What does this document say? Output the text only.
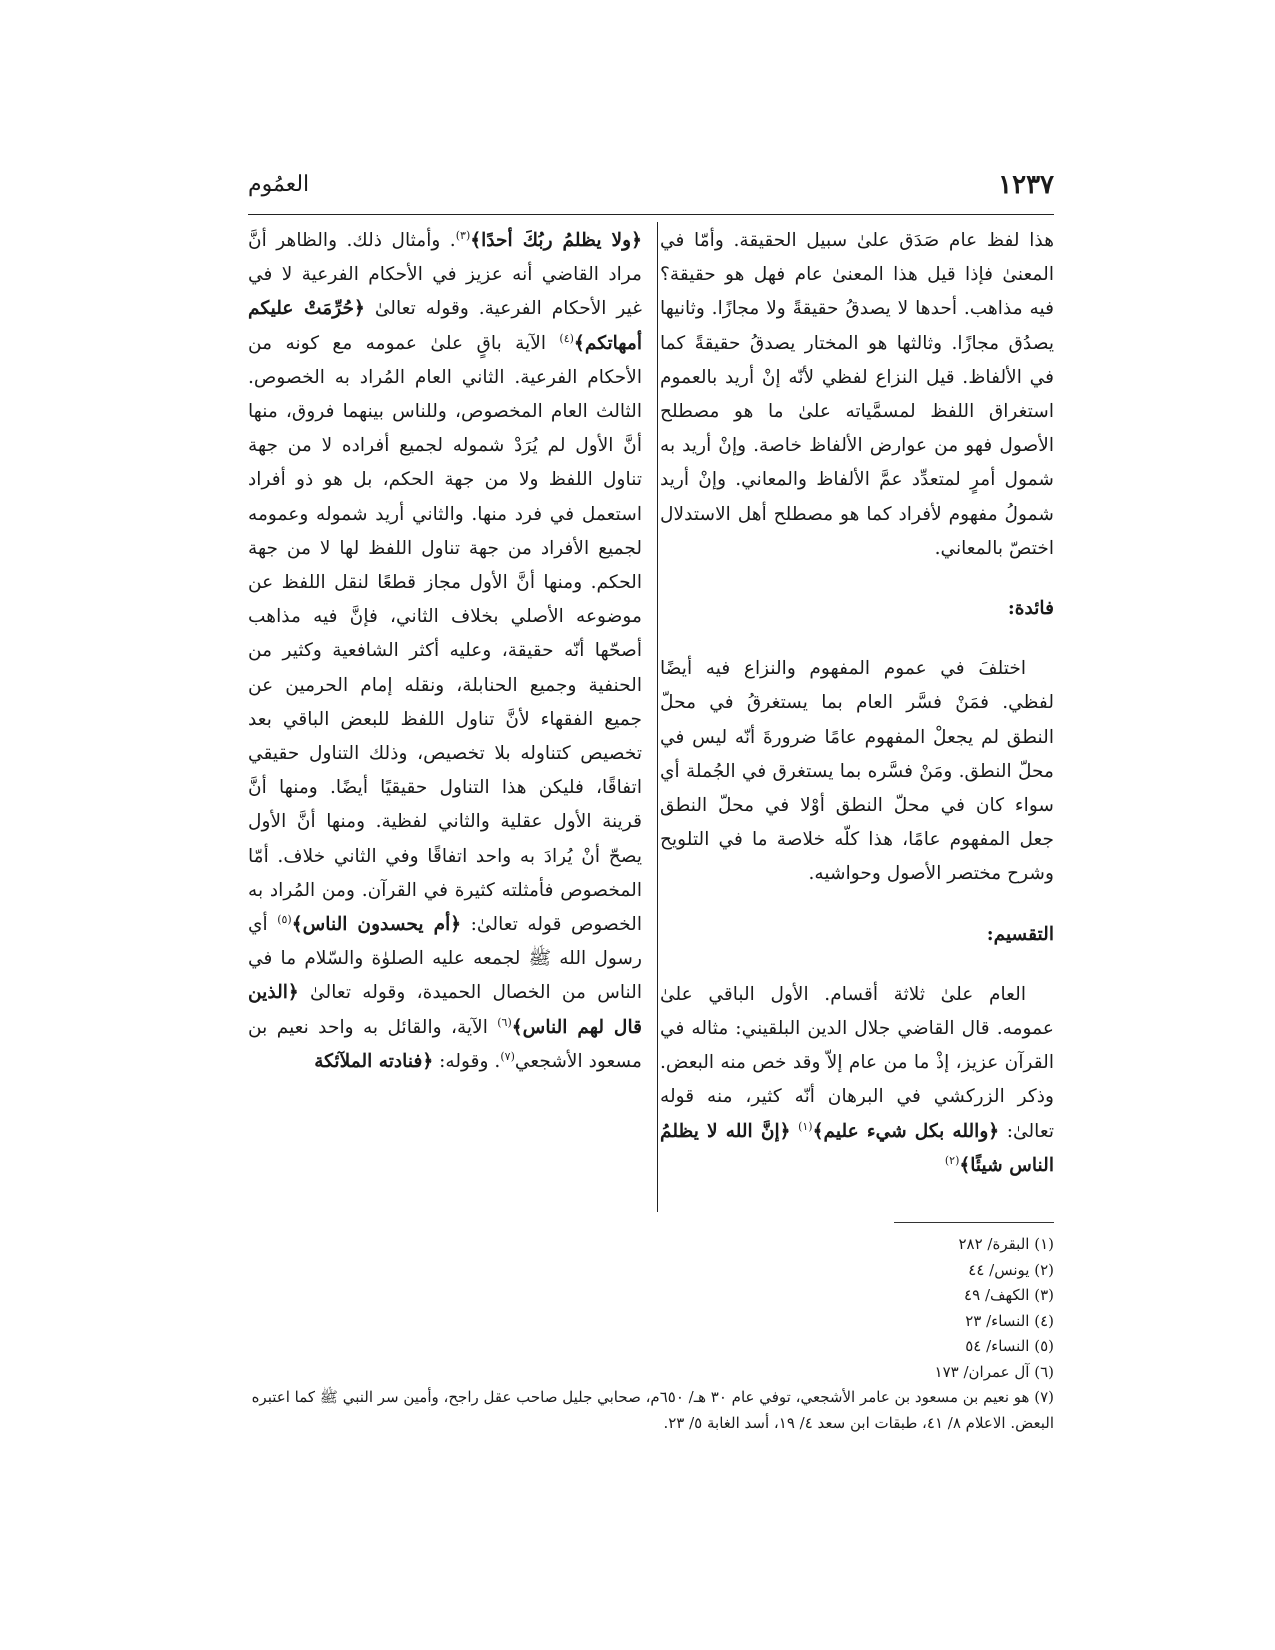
١٢٣٧
العمُوم

هذا لفظ عام صَدَق علىٰ سبيل الحقيقة. وأمّا في المعنىٰ فإذا قيل هذا المعنىٰ عام فهل هو حقيقة؟ فيه مذاهب. أحدها لا يصدقُ حقيقةً ولا مجازًا. وثانيها يصدُق مجازًا. وثالثها هو المختار يصدقُ حقيقةً كما في الألفاظ. قيل النزاع لفظي لأنّه إنْ أريد بالعموم استغراق اللفظ لمسمَّياته علىٰ ما هو مصطلح الأصول فهو من عوارض الألفاظ خاصة. وإنْ أريد به شمول أمرٍ لمتعدِّد عمَّ الألفاظ والمعاني. وإنْ أريد شمولُ مفهوم لأفراد كما هو مصطلح أهل الاستدلال اختصّ بالمعاني.

فائدة:

اختلفَ في عموم المفهوم والنزاع فيه أيضًا لفظي. فمَنْ فسَّر العام بما يستغرقُ في محلّ النطق لم يجعلْ المفهوم عامًا ضرورةَ أنّه ليس في محلّ النطق. ومَنْ فسَّره بما يستغرق في الجُملة أي سواء كان في محلّ النطق أوْلا في محلّ النطق جعل المفهوم عامًا، هذا كلّه خلاصة ما في التلويح وشرح مختصر الأصول وحواشيه.

التقسيم:

العام علىٰ ثلاثة أقسام. الأول الباقي علىٰ عمومه. قال القاضي جلال الدين البلقيني: مثاله في القرآن عزيز، إذْ ما من عام إلاّ وقد خص منه البعض. وذكر الزركشي في البرهان أنّه كثير، منه قوله تعالىٰ: ﴿والله بكل شيء عليم﴾$^{(١)}$ ﴿إنَّ الله لا يظلمُ الناس شيئًا﴾$^{(٢)}$

﴿ولا يظلمُ ربُكَ أحدًا﴾$^{(٣)}$. وأمثال ذلك. والظاهر أنَّ مراد القاضي أنه عزيز في الأحكام الفرعية لا في غير الأحكام الفرعية. وقوله تعالىٰ ﴿حُرِّمَتْ عليكم أمهاتكم﴾$^{(٤)}$ الآية باقٍ علىٰ عمومه مع كونه من الأحكام الفرعية. الثاني العام المُراد به الخصوص. الثالث العام المخصوص، وللناس بينهما فروق، منها أنَّ الأول لم يُرَدْ شموله لجميع أفراده لا من جهة تناول اللفظ ولا من جهة الحكم، بل هو ذو أفراد استعمل في فرد منها. والثاني أريد شموله وعمومه لجميع الأفراد من جهة تناول اللفظ لها لا من جهة الحكم. ومنها أنَّ الأول مجاز قطعًا لنقل اللفظ عن موضوعه الأصلي بخلاف الثاني، فإنَّ فيه مذاهب أصحّها أنّه حقيقة، وعليه أكثر الشافعية وكثير من الحنفية وجميع الحنابلة، ونقله إمام الحرمين عن جميع الفقهاء لأنَّ تناول اللفظ للبعض الباقي بعد تخصيص كتناوله بلا تخصيص، وذلك التناول حقيقي اتفاقًا، فليكن هذا التناول حقيقيًا أيضًا. ومنها أنَّ قرينة الأول عقلية والثاني لفظية. ومنها أنَّ الأول يصحّ أنْ يُرادَ به واحد اتفاقًا وفي الثاني خلاف. أمّا المخصوص فأمثلته كثيرة في القرآن. ومن المُراد به الخصوص قوله تعالىٰ: ﴿أم يحسدون الناس﴾$^{(٥)}$ أي رسول الله ﷺ لجمعه عليه الصلوٰة والسّلام ما في الناس من الخصال الحميدة، وقوله تعالىٰ ﴿الذين قال لهم الناس﴾$^{(٦)}$ الآية، والقائل به واحد نعيم بن مسعود الأشجعي$^{(٧)}$. وقوله: ﴿فنادته الملآئكة

(١) البقرة/ ٢٨٢
(٢) يونس/ ٤٤
(٣) الكهف/ ٤٩
(٤) النساء/ ٢٣
(٥) النساء/ ٥٤
(٦) آل عمران/ ١٧٣
(٧) هو نعيم بن مسعود بن عامر الأشجعي، توفي عام ٣٠ هـ/ ٦٥٠م، صحابي جليل صاحب عقل راجح، وأمين سر النبي ﷺ كما اعتبره البعض. الاعلام ٨/ ٤١، طبقات ابن سعد ٤/ ١٩، أسد الغابة ٥/ ٢٣.
